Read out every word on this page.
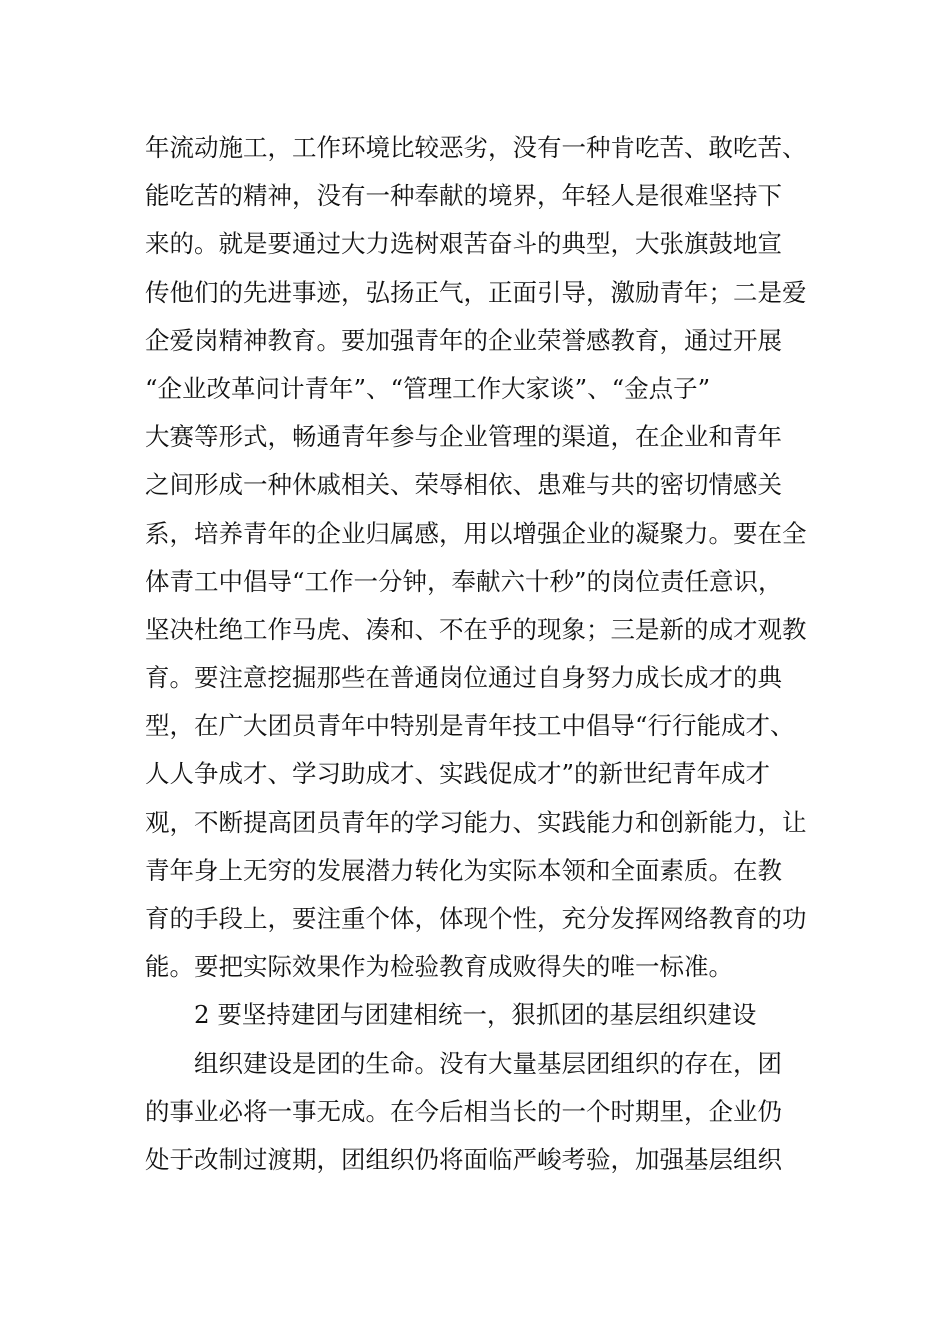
年流动施工，工作环境比较恶劣，没有一种肯吃苦、敢吃苦、
能吃苦的精神，没有一种奉献的境界，年轻人是很难坚持下
来的。就是要通过大力选树艰苦奋斗的典型，大张旗鼓地宣
传他们的先进事迹，弘扬正气，正面引导，激励青年；二是爱
企爱岗精神教育。要加强青年的企业荣誉感教育，通过开展
“企业改革问计青年”、“管理工作大家谈”、“金点子”
大赛等形式，畅通青年参与企业管理的渠道，在企业和青年
之间形成一种休戚相关、荣辱相依、患难与共的密切情感关
系，培养青年的企业归属感，用以增强企业的凝聚力。要在全
体青工中倡导“工作一分钟，奉献六十秒”的岗位责任意识，
坚决杜绝工作马虎、凑和、不在乎的现象；三是新的成才观教
育。要注意挖掘那些在普通岗位通过自身努力成长成才的典
型，在广大团员青年中特别是青年技工中倡导“行行能成才、
人人争成才、学习助成才、实践促成才”的新世纪青年成才
观，不断提高团员青年的学习能力、实践能力和创新能力，让
青年身上无穷的发展潜力转化为实际本领和全面素质。在教
育的手段上，要注重个体，体现个性，充分发挥网络教育的功
能。要把实际效果作为检验教育成败得失的唯一标准。
2 要坚持建团与团建相统一，狠抓团的基层组织建设
组织建设是团的生命。没有大量基层团组织的存在，团
的事业必将一事无成。在今后相当长的一个时期里，企业仍
处于改制过渡期，团组织仍将面临严峻考验，加强基层组织
